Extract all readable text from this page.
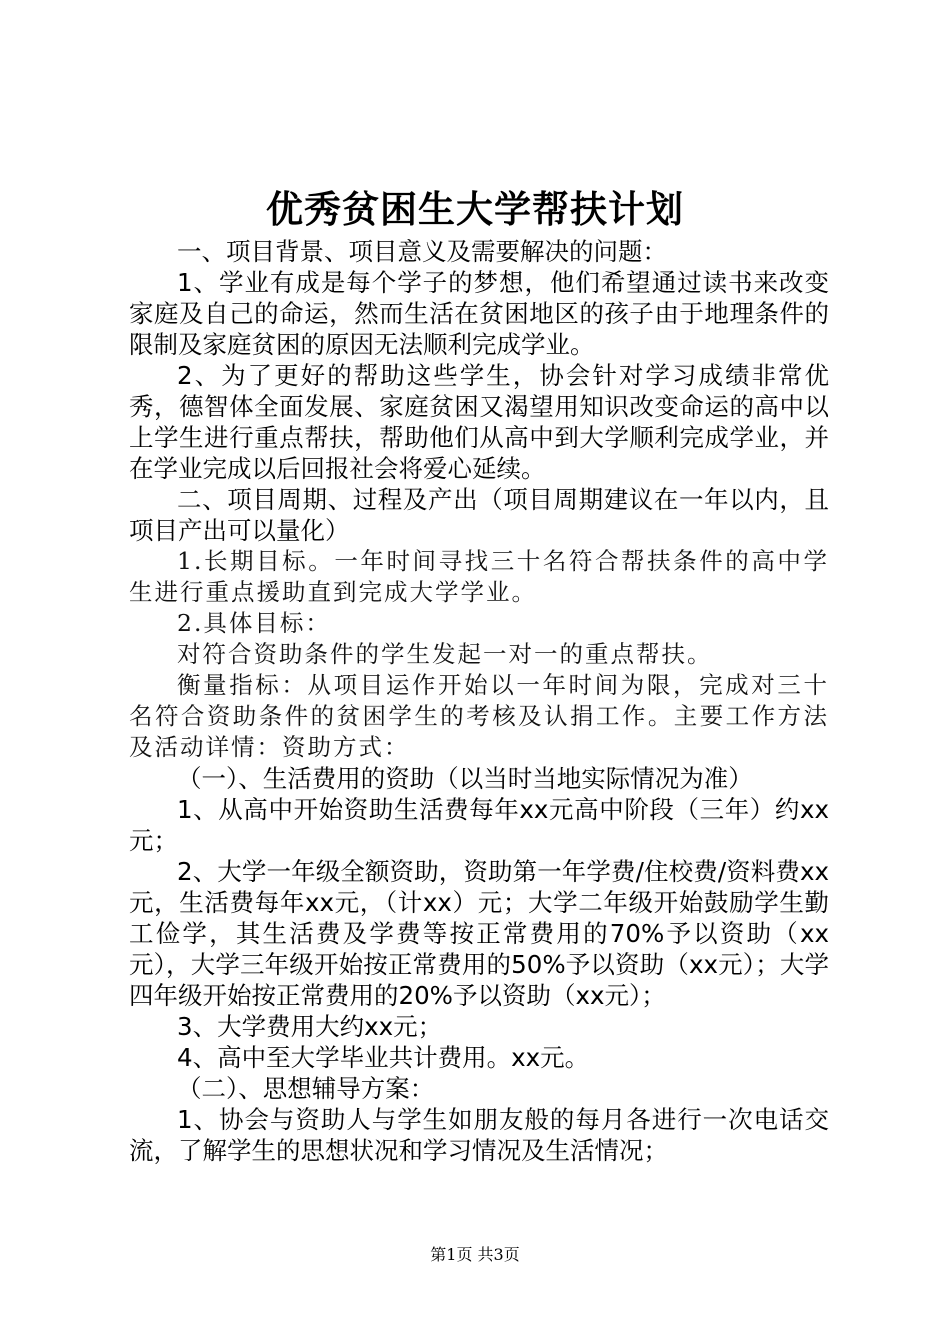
优秀贫困生大学帮扶计划

一、项目背景、项目意义及需要解决的问题：

1、学业有成是每个学子的梦想，他们希望通过读书来改变家庭及自己的命运，然而生活在贫困地区的孩子由于地理条件的限制及家庭贫困的原因无法顺利完成学业。

2、为了更好的帮助这些学生，协会针对学习成绩非常优秀，德智体全面发展、家庭贫困又渴望用知识改变命运的高中以上学生进行重点帮扶，帮助他们从高中到大学顺利完成学业，并在学业完成以后回报社会将爱心延续。

二、项目周期、过程及产出（项目周期建议在一年以内，且项目产出可以量化）

1.长期目标。一年时间寻找三十名符合帮扶条件的高中学生进行重点援助直到完成大学学业。

2.具体目标：

对符合资助条件的学生发起一对一的重点帮扶。

衡量指标：从项目运作开始以一年时间为限，完成对三十名符合资助条件的贫困学生的考核及认捐工作。主要工作方法及活动详情：资助方式：

（一）、生活费用的资助（以当时当地实际情况为准）

1、从高中开始资助生活费每年xx元高中阶段（三年）约xx元；

2、大学一年级全额资助，资助第一年学费/住校费/资料费xx元，生活费每年xx元，（计xx）元；大学二年级开始鼓励学生勤工俭学，其生活费及学费等按正常费用的70%予以资助（xx元），大学三年级开始按正常费用的50%予以资助（xx元）；大学四年级开始按正常费用的20%予以资助（xx元）；

3、大学费用大约xx元；

4、高中至大学毕业共计费用。xx元。

（二）、思想辅导方案：

1、协会与资助人与学生如朋友般的每月各进行一次电话交流，了解学生的思想状况和学习情况及生活情况；

第1页 共3页
